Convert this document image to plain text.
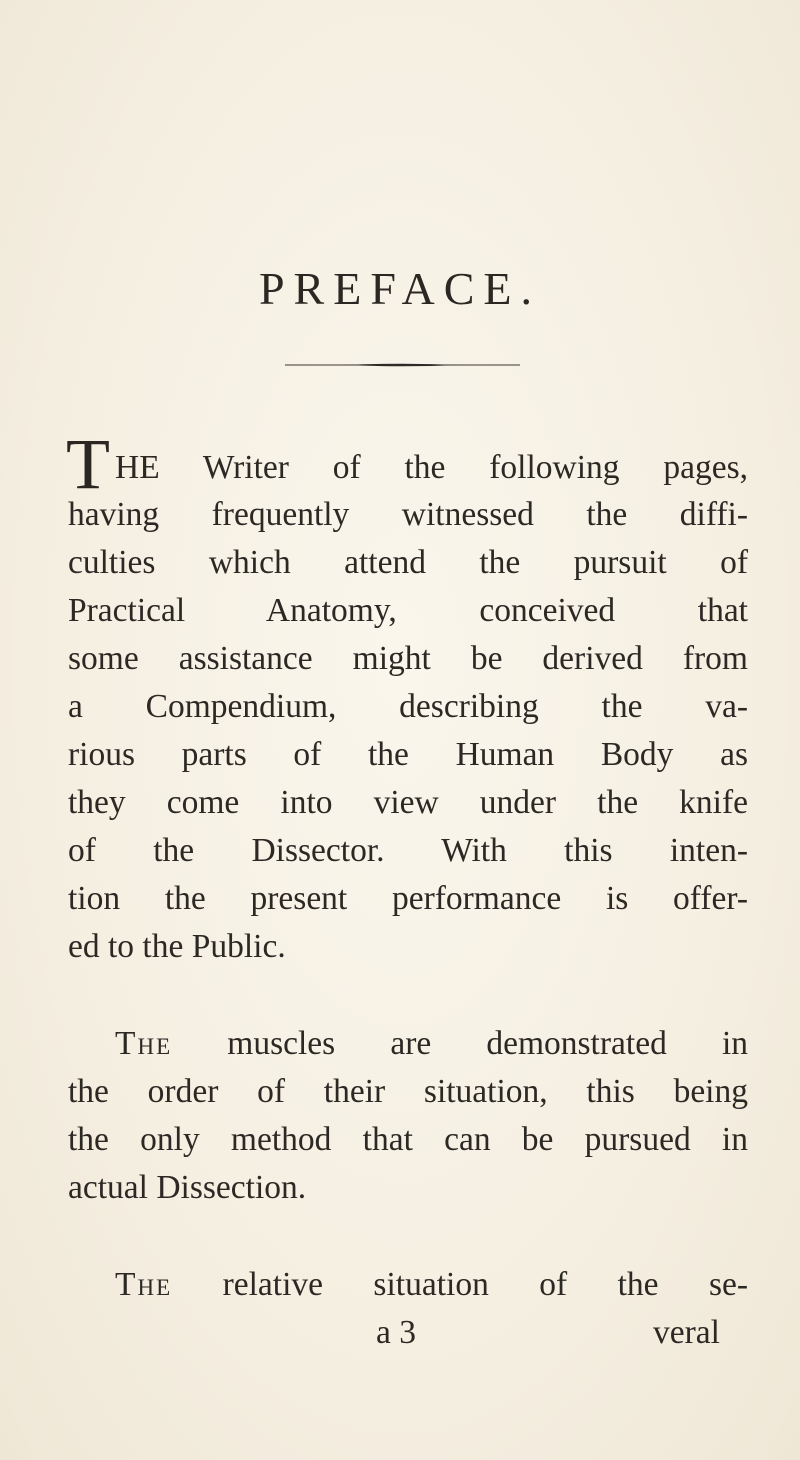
PREFACE.
T HE Writer of the following pages,
having frequently witnessed the diffi-
culties which attend the pursuit of
Practical Anatomy, conceived that
some assistance might be derived from
a Compendium, describing the va-
rious parts of the Human Body as
they come into view under the knife
of the Dissector. With this inten-
tion the present performance is offer-
ed to the Public.
The muscles are demonstrated in
the order of their situation, this being
the only method that can be pursued in
actual Dissection.
The relative situation of the se-
a 3	veral
